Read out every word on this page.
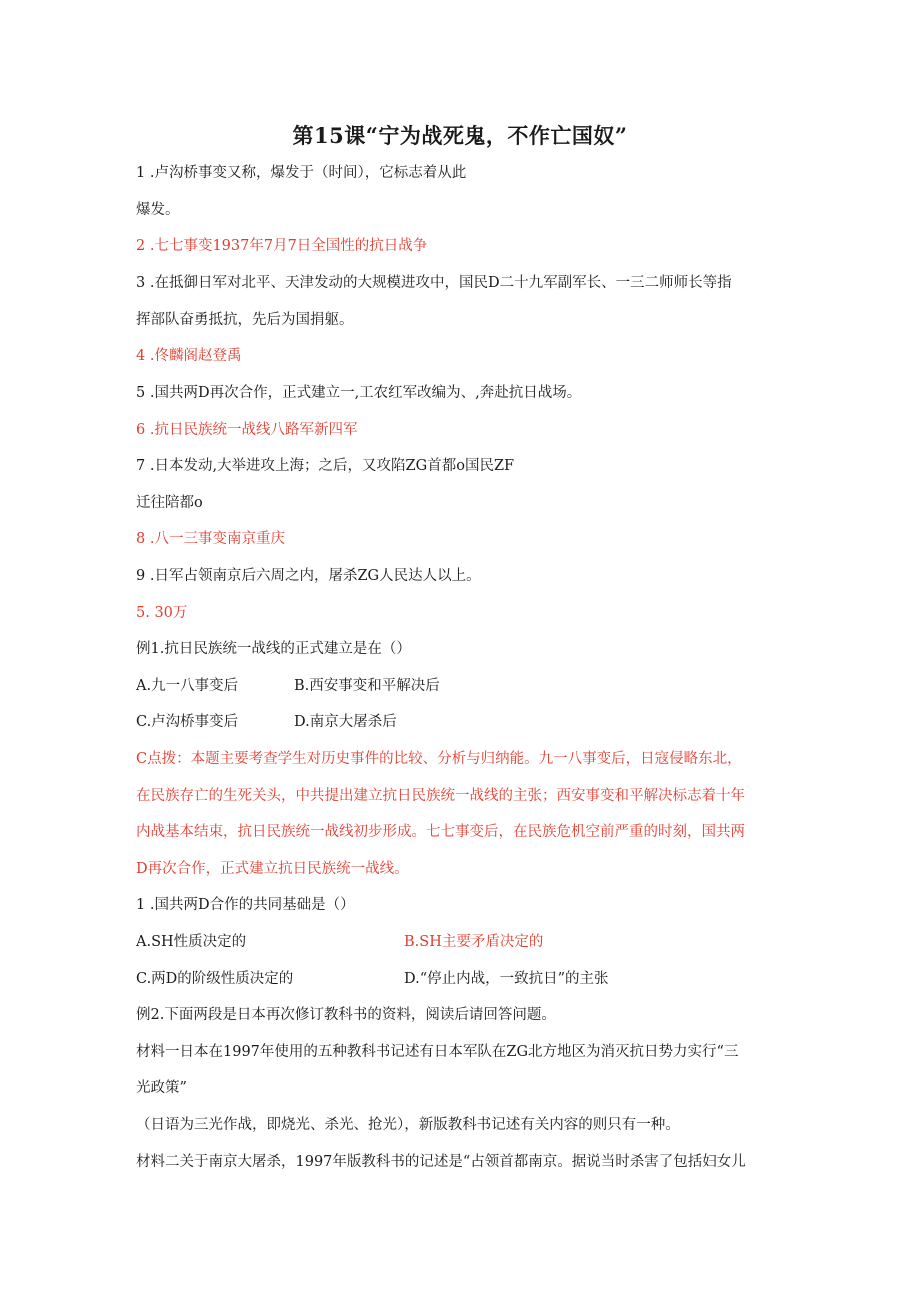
第15课“宁为战死鬼，不作亡国奴”
1 .卢沟桥事变又称，爆发于（时间），它标志着从此
爆发。
2 .七七事变1937年7月7日全国性的抗日战争
3 .在抵御日军对北平、天津发动的大规模进攻中，国民D二十九军副军长、一三二师师长等指
挥部队奋勇抵抗，先后为国捐躯。
4 .佟麟阁赵登禹
5 .国共两D再次合作，正式建立一,工农红军改编为、,奔赴抗日战场。
6 .抗日民族统一战线八路军新四军
7 .日本发动,大举进攻上海；之后，又攻陷ZG首都o国民ZF
迁往陪都o
8 .八一三事变南京重庆
9 .日军占领南京后六周之内，屠杀ZG人民达人以上。
5. 30万
例1.抗日民族统一战线的正式建立是在（）
A.九一八事变后	B.西安事变和平解决后
C.卢沟桥事变后	D.南京大屠杀后
C点拨：本题主要考查学生对历史事件的比较、分析与归纳能。九一八事变后，日寇侵略东北，
在民族存亡的生死关头，中共提出建立抗日民族统一战线的主张；西安事变和平解决标志着十年
内战基本结束，抗日民族统一战线初步形成。七七事变后，在民族危机空前严重的时刻，国共两
D再次合作，正式建立抗日民族统一战线。
1 .国共两D合作的共同基础是（）
A.SH性质决定的	B.SH主要矛盾决定的
C.两D的阶级性质决定的	D.“停止内战，一致抗日”的主张
例2.下面两段是日本再次修订教科书的资料，阅读后请回答问题。
材料一日本在1997年使用的五种教科书记述有日本军队在ZG北方地区为消灭抗日势力实行“三
光政策”
（日语为三光作战，即烧光、杀光、抢光），新版教科书记述有关内容的则只有一种。
材料二关于南京大屠杀，1997年版教科书的记述是“占领首都南京。据说当时杀害了包括妇女儿
